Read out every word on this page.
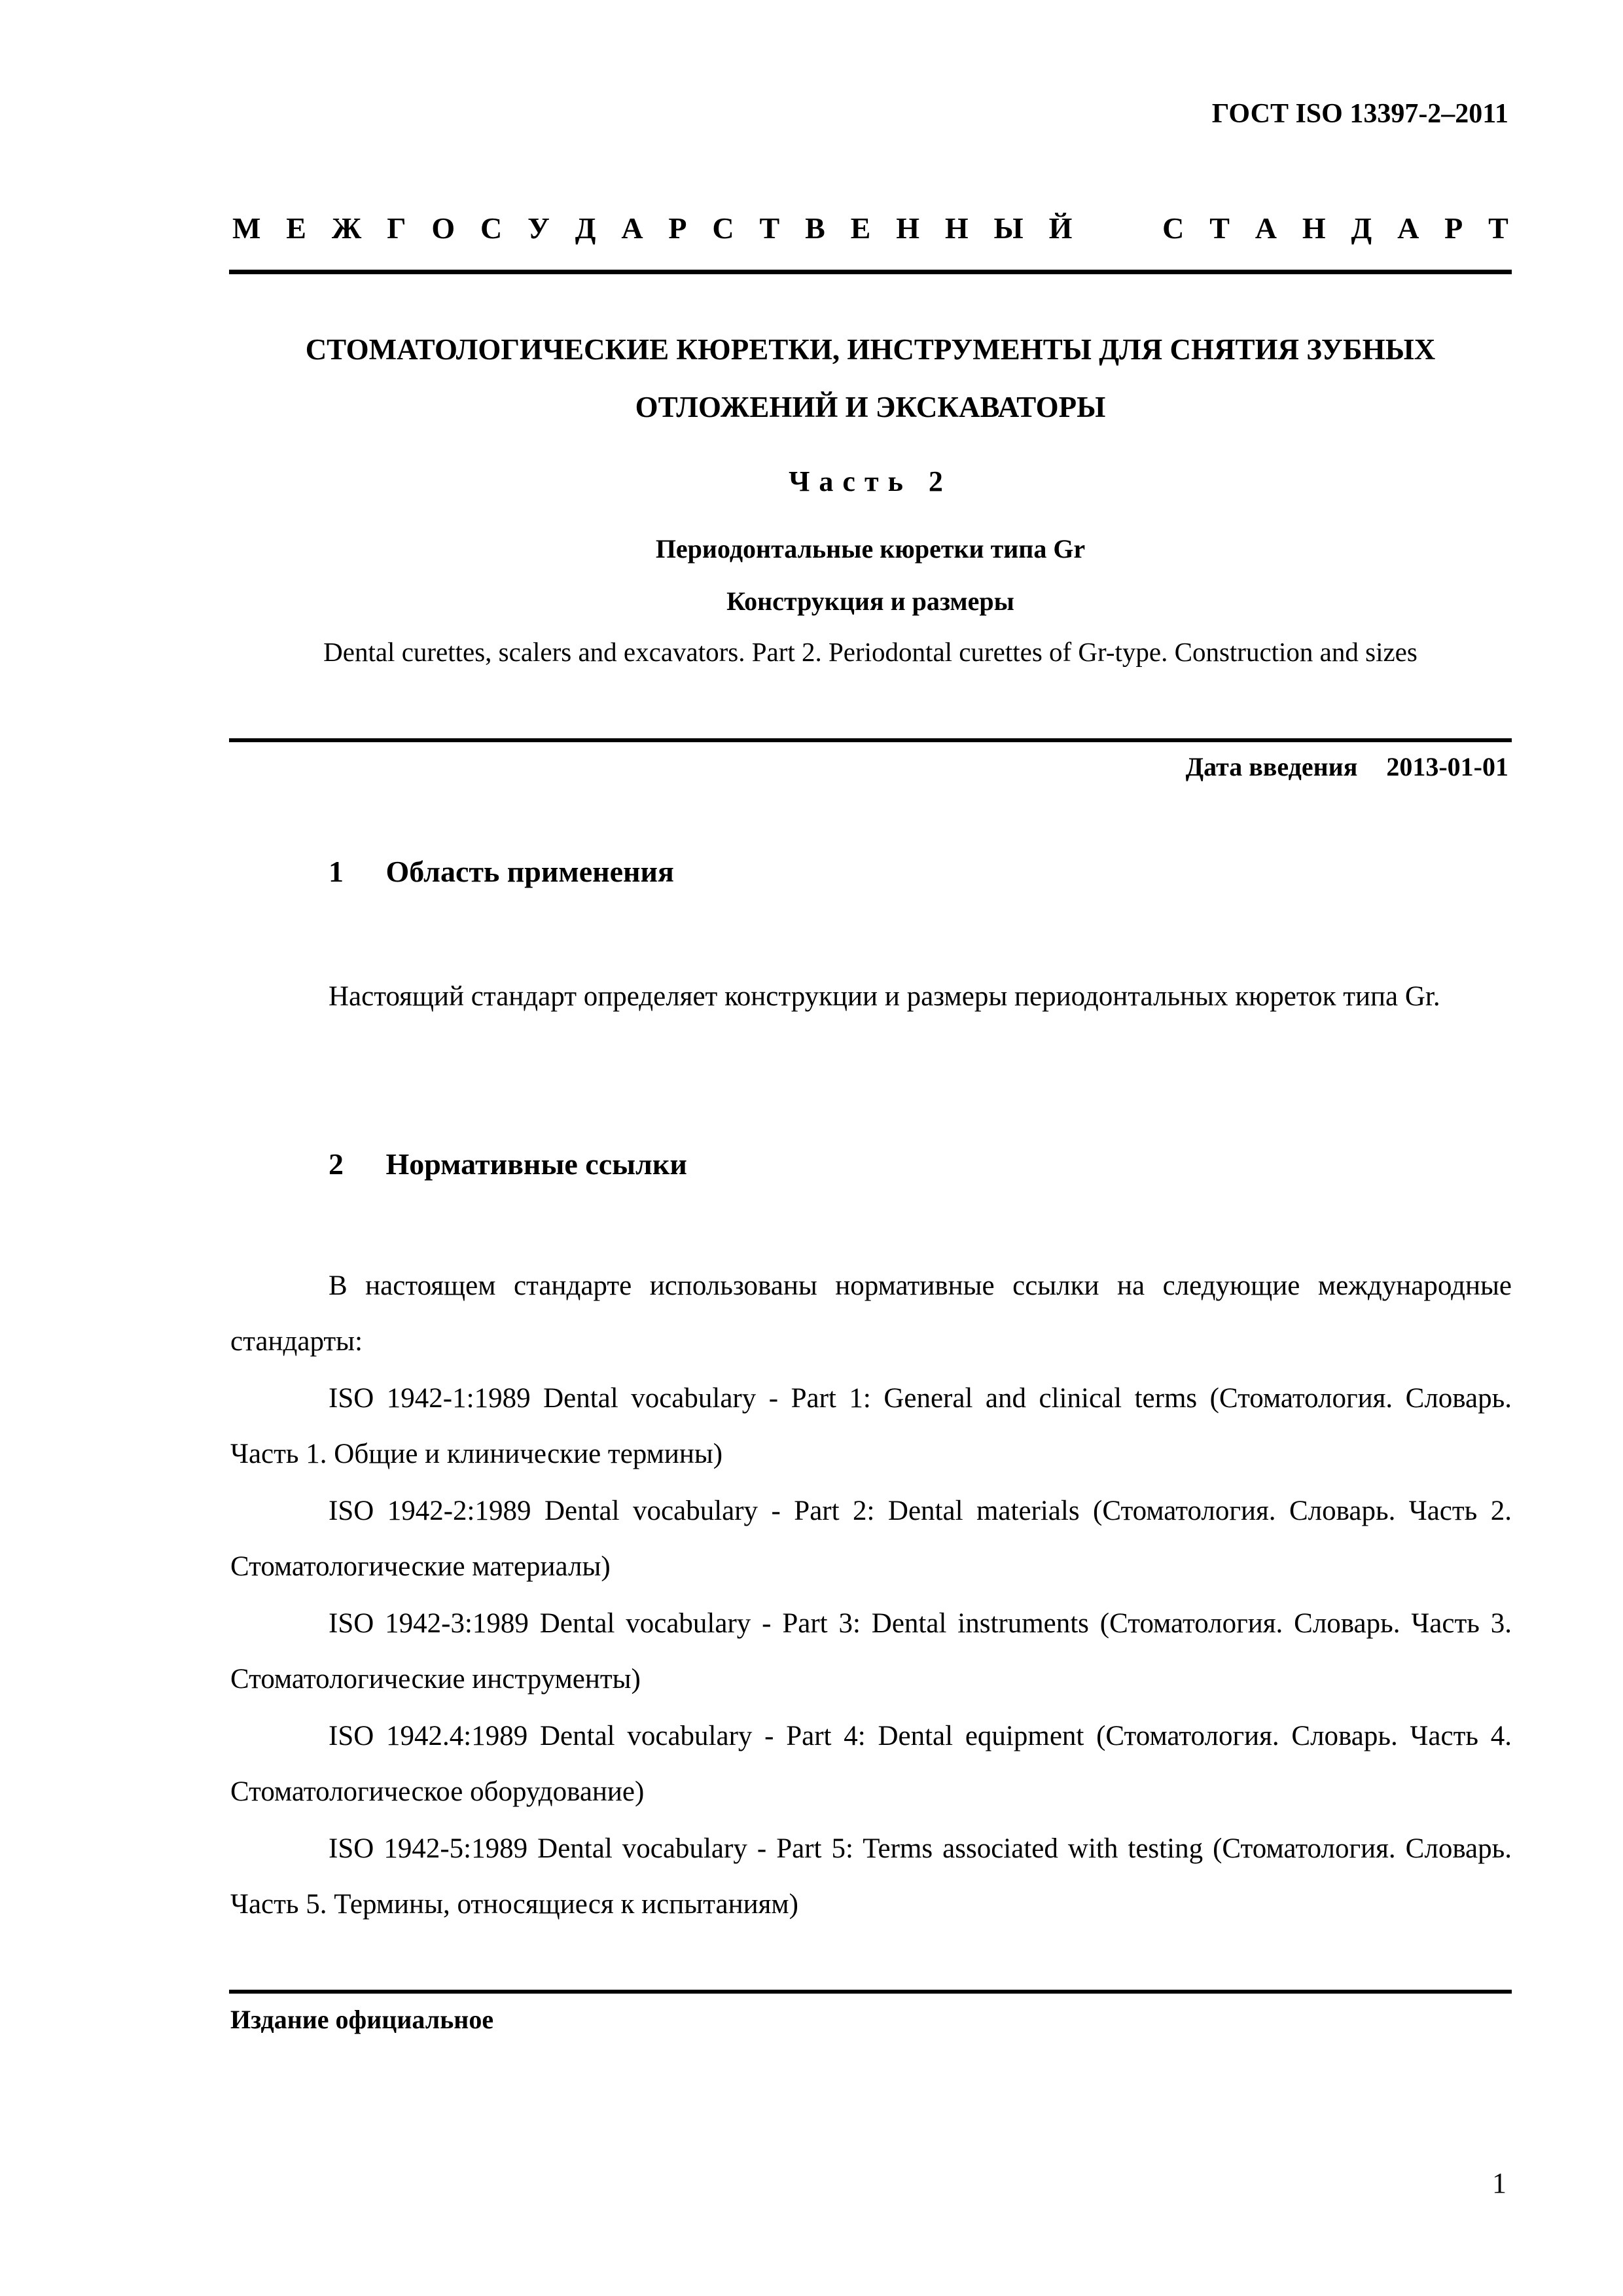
ГОСТ ISO 13397-2–2011
М Е Ж Г О С У Д А Р С Т В Е Н Н Ы Й	С Т А Н Д А Р Т
СТОМАТОЛОГИЧЕСКИЕ КЮРЕТКИ, ИНСТРУМЕНТЫ ДЛЯ СНЯТИЯ ЗУБНЫХ
ОТЛОЖЕНИЙ И ЭКСКАВАТОРЫ
Часть 2
Периодонтальные кюретки типа Gr
Конструкция и размеры
Dental curettes, scalers and excavators. Part 2. Periodontal curettes of Gr-type. Construction and sizes
Дата введения 2013-01-01
1 Область применения
Настоящий стандарт определяет конструкции и размеры периодонтальных кюреток типа Gr.
2 Нормативные ссылки
В настоящем стандарте использованы нормативные ссылки на следующие международные стандарты:
ISO 1942-1:1989 Dental vocabulary - Part 1: General and clinical terms (Стоматология. Словарь. Часть 1. Общие и клинические термины)
ISO 1942-2:1989 Dental vocabulary - Part 2: Dental materials (Стоматология. Словарь. Часть 2. Стоматологические материалы)
ISO 1942-3:1989 Dental vocabulary - Part 3: Dental instruments (Стоматология. Словарь. Часть 3. Стоматологические инструменты)
ISO 1942.4:1989 Dental vocabulary - Part 4: Dental equipment (Стоматология. Словарь. Часть 4. Стоматологическое оборудование)
ISO 1942-5:1989 Dental vocabulary - Part 5: Terms associated with testing (Стоматология. Словарь. Часть 5. Термины, относящиеся к испытаниям)
Издание официальное
1
